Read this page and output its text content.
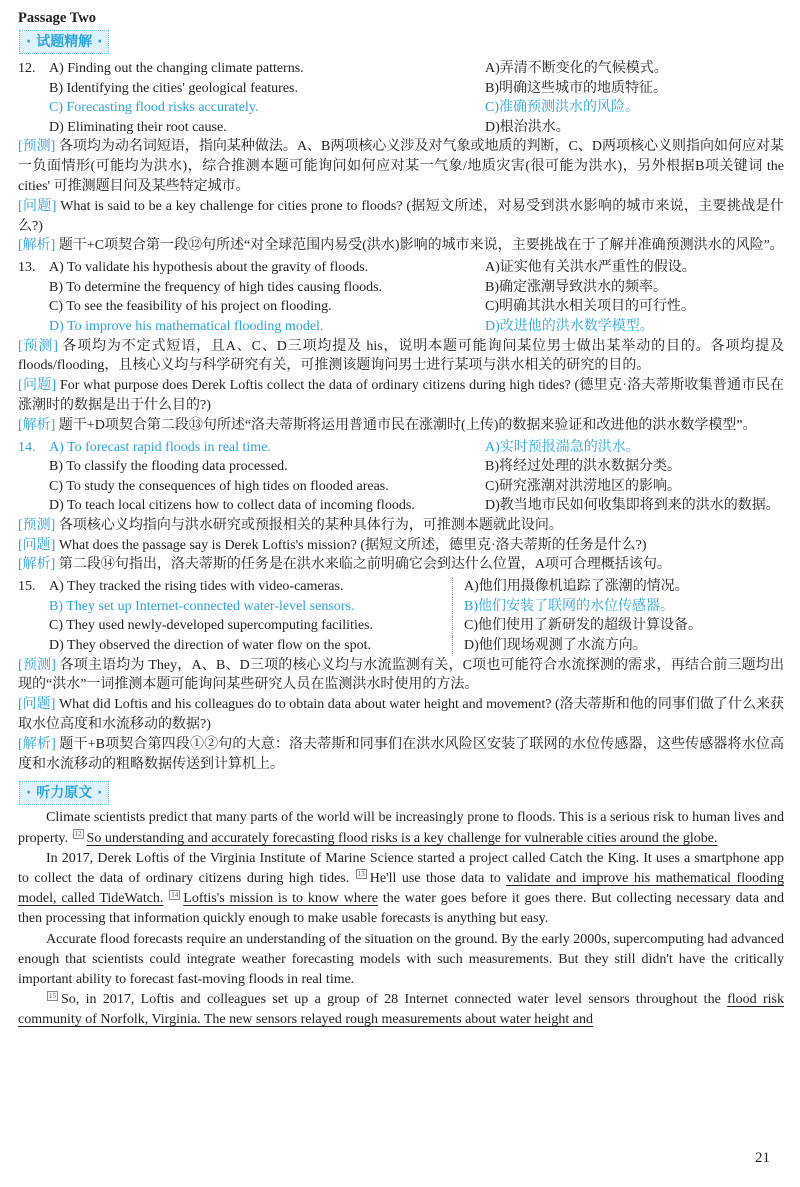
Passage Two
· 试题精解 ·
12. A) Finding out the changing climate patterns.	A)弄清不断变化的气候模式。
B) Identifying the cities' geological features.	B)明确这些城市的地质特征。
C) Forecasting flood risks accurately.	C)准确预测洪水的风险。
D) Eliminating their root cause.	D)根治洪水。
[预测] 各项均为动名词短语，指向某种做法。A、B两项核心义涉及对气象或地质的判断，C、D两项核心义则指向如何应对某一负面情形(可能均为洪水)，综合推测本题可能询问如何应对某一气象/地质灾害(很可能为洪水)，另外根据B项关键词 the cities' 可推测题目问及某些特定城市。
[问题] What is said to be a key challenge for cities prone to floods? (据短文所述，对易受到洪水影响的城市来说，主要挑战是什么?)
[解析] 题干+C项契合第一段⑫句所述“对全球范围内易受(洪水)影响的城市来说，主要挑战在于了解并准确预测洪水的风险”。
13. A) To validate his hypothesis about the gravity of floods.	A)证实他有关洪水严重性的假设。
B) To determine the frequency of high tides causing floods.	B)确定涨潮导致洪水的频率。
C) To see the feasibility of his project on flooding.	C)明确其洪水相关项目的可行性。
D) To improve his mathematical flooding model.	D)改进他的洪水数学模型。
[预测] 各项均为不定式短语，且A、C、D三项均提及 his，说明本题可能询问某位男士做出某举动的目的。各项均提及 floods/flooding，且核心义均与科学研究有关，可推测该题询问男士进行某项与洪水相关的研究的目的。
[问题] For what purpose does Derek Loftis collect the data of ordinary citizens during high tides? (德里克·洛夫蒂斯收集普通市民在涨潮时的数据是出于什么目的?)
[解析] 题干+D项契合第二段⑬句所述“洛夫蒂斯将运用普通市民在涨潮时(上传)的数据来验证和改进他的洪水数学模型”。
14. A) To forecast rapid floods in real time.	A)实时预报湍急的洪水。
B) To classify the flooding data processed.	B)将经过处理的洪水数据分类。
C) To study the consequences of high tides on flooded areas.	C)研究涨潮对洪涝地区的影响。
D) To teach local citizens how to collect data of incoming floods.	D)教当地市民如何收集即将到来的洪水的数据。
[预测] 各项核心义均指向与洪水研究或预报相关的某种具体行为，可推测本题就此设问。
[问题] What does the passage say is Derek Loftis's mission? (据短文所述，德里克·洛夫蒂斯的任务是什么?)
[解析] 第二段⑭句指出，洛夫蒂斯的任务是在洪水来临之前明确它会到达什么位置，A项可合理概括该句。
15. A) They tracked the rising tides with video-cameras.	A)他们用摄像机追踪了涨潮的情况。
B) They set up Internet-connected water-level sensors.	B)他们安装了联网的水位传感器。
C) They used newly-developed supercomputing facilities.	C)他们使用了新研发的超级计算设备。
D) They observed the direction of water flow on the spot.	D)他们现场观测了水流方向。
[预测] 各项主语均为 They，A、B、D三项的核心义均与水流监测有关，C项也可能符合水流探测的需求，再结合前三题均出现的“洪水”一词推测本题可能询问某些研究人员在监测洪水时使用的方法。
[问题] What did Loftis and his colleagues do to obtain data about water height and movement? (洛夫蒂斯和他的同事们做了什么来获取水位高度和水流移动的数据?)
[解析] 题干+B项契合第四段①②句的大意：洛夫蒂斯和同事们在洪水风险区安装了联网的水位传感器，这些传感器将水位高度和水流移动的粗略数据传送到计算机上。
· 听力原文 ·

Climate scientists predict that many parts of the world will be increasingly prone to floods. This is a serious risk to human lives and property. 12 So understanding and accurately forecasting flood risks is a key challenge for vulnerable cities around the globe.

In 2017, Derek Loftis of the Virginia Institute of Marine Science started a project called Catch the King. It uses a smartphone app to collect the data of ordinary citizens during high tides. 13 He'll use those data to validate and improve his mathematical flooding model, called TideWatch. 14 Loftis's mission is to know where the water goes before it goes there. But collecting necessary data and then processing that information quickly enough to make usable forecasts is anything but easy.

Accurate flood forecasts require an understanding of the situation on the ground. By the early 2000s, supercomputing had advanced enough that scientists could integrate weather forecasting models with such measurements. But they still didn't have the critically important ability to forecast fast-moving floods in real time.

15 So, in 2017, Loftis and colleagues set up a group of 28 Internet connected water level sensors throughout the flood risk community of Norfolk, Virginia. The new sensors relayed rough measurements about water height and

21
